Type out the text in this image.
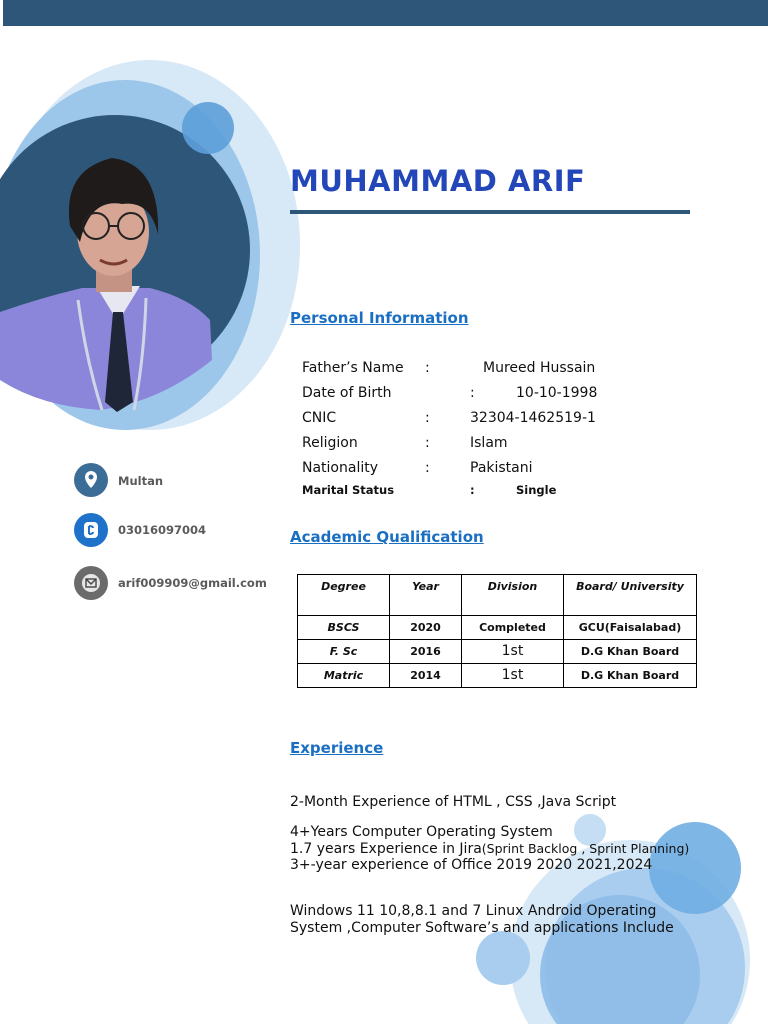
Multan
03016097004
arif009909@gmail.com
MUHAMMAD ARIF
Personal Information
Father’s Name :	Mureed Hussain
Date of Birth	:	10-10-1998
CNIC	:	32304-1462519-1
Religion	:	Islam
Nationality	:	Pakistani
Marital Status	:	Single
Academic Qualification
Degree	Year	Division	Board/ University
BSCS	2020	Completed	GCU(Faisalabad)
F. Sc	2016	1st	D.G Khan Board
Matric	2014	1st	D.G Khan Board
Experience
2-Month Experience of HTML , CSS ,Java Script
4+Years Computer Operating System
1.7 years Experience in Jira(Sprint Backlog , Sprint Planning)
3+-year experience of Office 2019 2020 2021,2024
Windows 11 10,8,8.1 and 7 Linux Android Operating System ,Computer Software’s and applications Include
